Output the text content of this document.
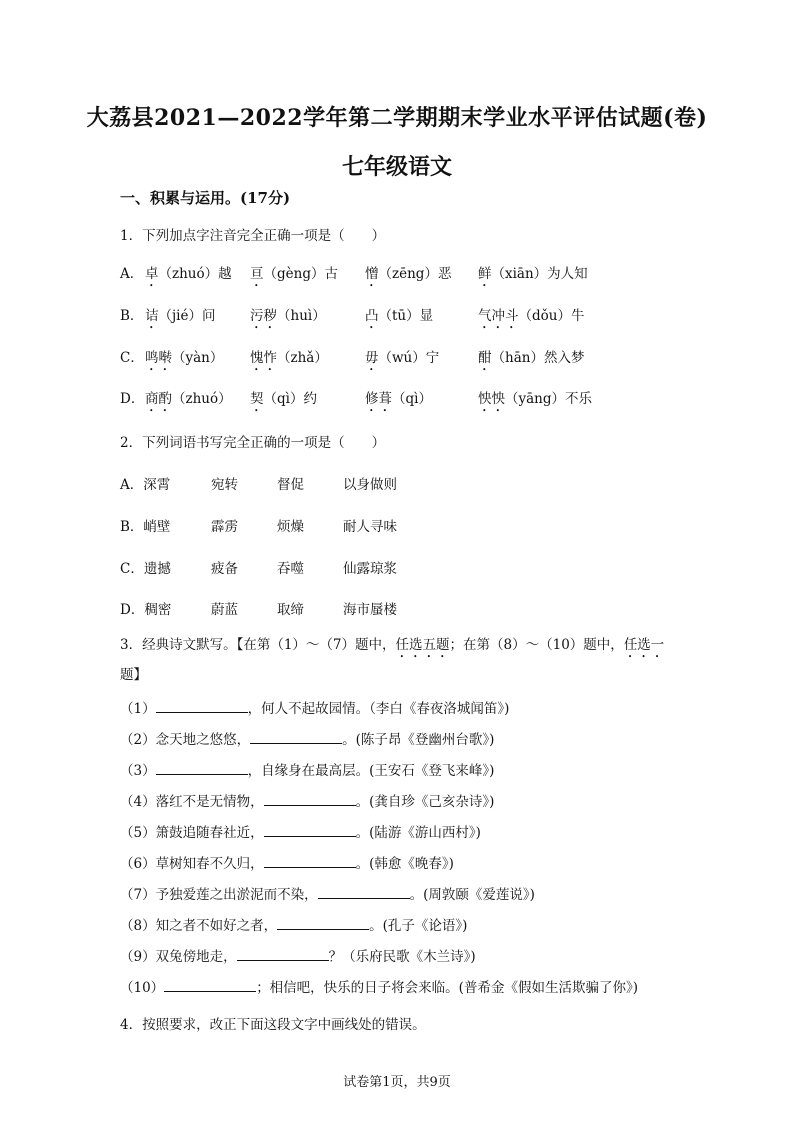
大荔县2021—2022学年第二学期期末学业水平评估试题(卷)
七年级语文
一、积累与运用。(17分)
1．下列加点字注音完全正确一项是（　　）
A． 卓（zhuó）越 亘（gèng）古 憎（zēng）恶 鲜（xiān）为人知
B． 诘（jié）问	污秽（huì）	凸（tū）显	气冲斗（dǒu）牛
C． 鸣啭（yàn） 愧怍（zhǎ）	毋（wú）宁	酣（hān）然入梦
D． 商酌（zhuó） 契（qì）约	修葺（qì）	怏怏（yāng）不乐
2．下列词语书写完全正确的一项是（　　）
A．深霄	宛转	督促	以身做则
B．峭壁	霹雳	烦燥	耐人寻味
C．遗撼	疲备	吞噬	仙露琼浆
D．稠密	蔚蓝	取缔	海市蜃楼
3．经典诗文默写。【在第（1）～（7）题中，任选五题；在第（8）～（10）题中，任选一
题】
（1）	，何人不起故园情。（李白《春夜洛城闻笛》)
（2）念天地之悠悠，	。(陈子昂《登幽州台歌》)
（3）	，自缘身在最高层。(王安石《登飞来峰》)
（4）落红不是无情物，	。(龚自珍《己亥杂诗》)
（5）箫鼓追随春社近，	。(陆游《游山西村》)
（6）草树知春不久归，	。(韩愈《晚春》)
（7）予独爱莲之出淤泥而不染，	。(周敦颐《爱莲说》)
（8）知之者不如好之者，	。(孔子《论语》)
（9）双兔傍地走，	？（乐府民歌《木兰诗》)
（10）	；相信吧，快乐的日子将会来临。(普希金《假如生活欺骗了你》)
4．按照要求，改正下面这段文字中画线处的错误。
试卷第1页，共9页
